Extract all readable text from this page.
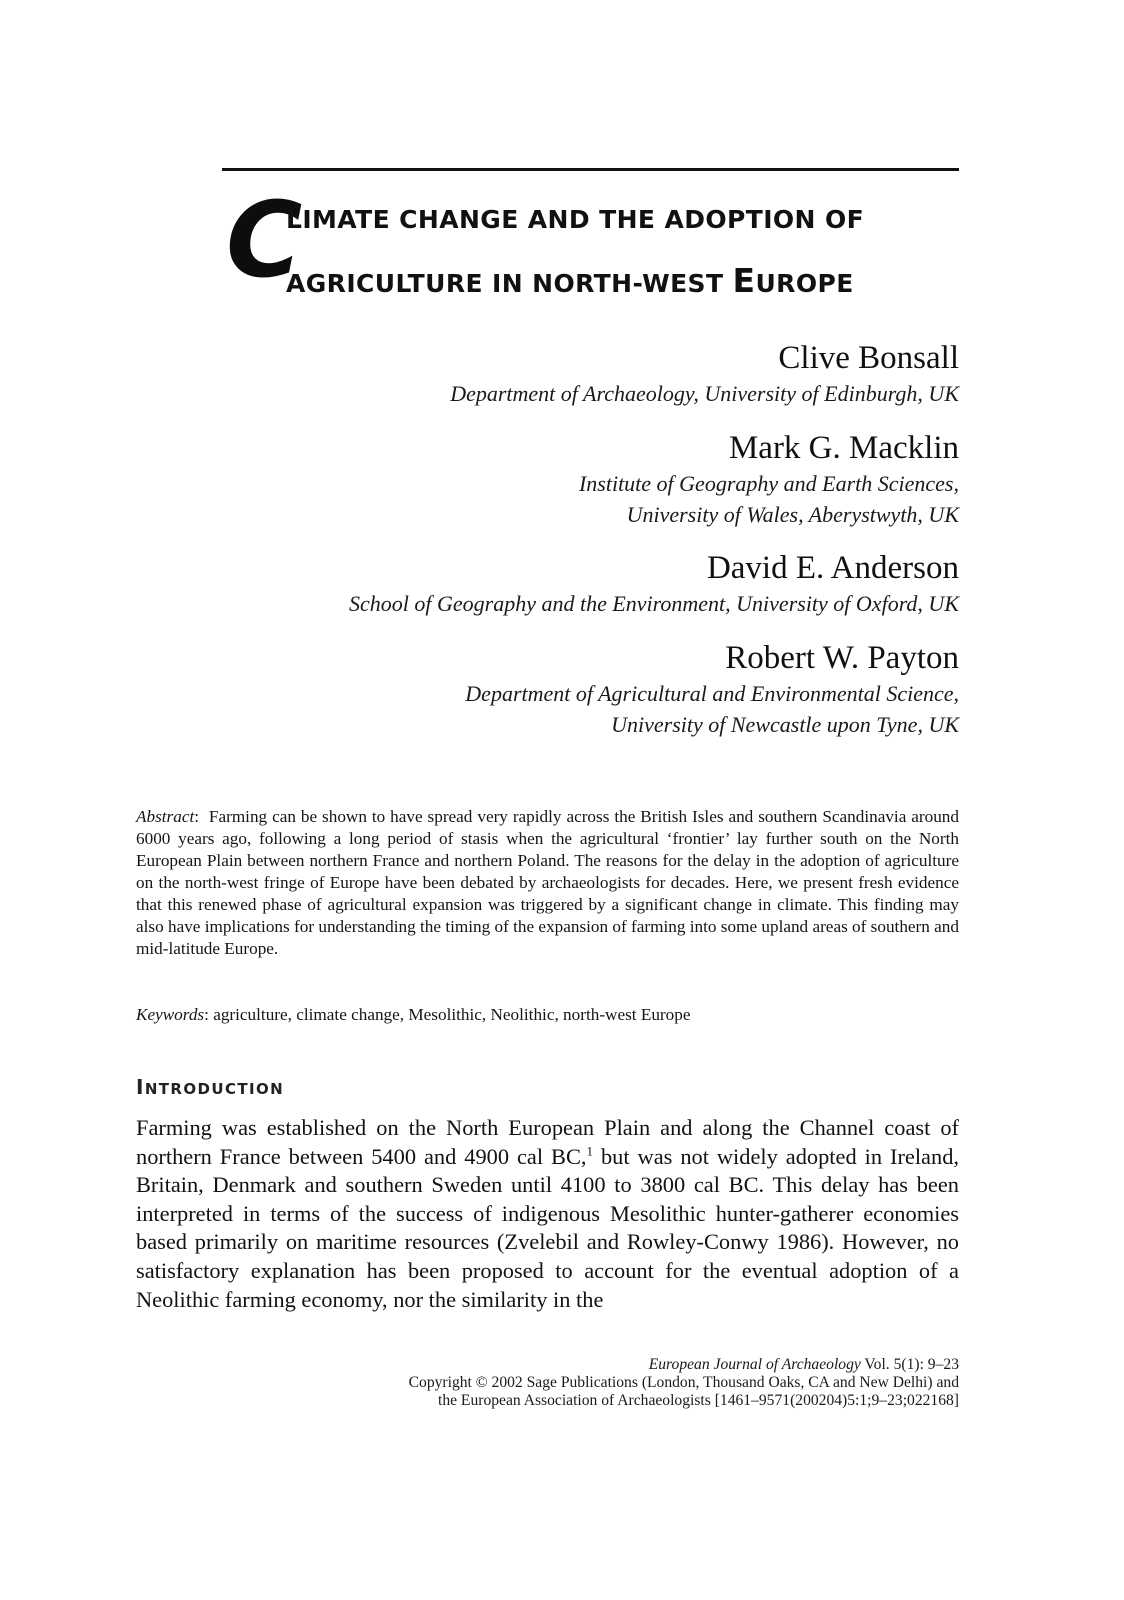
C
LIMATE CHANGE AND THE ADOPTION OF
AGRICULTURE IN NORTH-WEST EUROPE
Clive Bonsall
Department of Archaeology, University of Edinburgh, UK
Mark G. Macklin
Institute of Geography and Earth Sciences,
University of Wales, Aberystwyth, UK
David E. Anderson
School of Geography and the Environment, University of Oxford, UK
Robert W. Payton
Department of Agricultural and Environmental Science,
University of Newcastle upon Tyne, UK

Abstract:  Farming can be shown to have spread very rapidly across the British Isles and southern Scandinavia around 6000 years ago, following a long period of stasis when the agricultural ‘frontier’ lay further south on the North European Plain between northern France and northern Poland. The reasons for the delay in the adoption of agriculture on the north-west fringe of Europe have been debated by archaeologists for decades. Here, we present fresh evidence that this renewed phase of agricultural expansion was triggered by a significant change in climate. This finding may also have implications for understanding the timing of the expansion of farming into some upland areas of southern and mid-latitude Europe.

Keywords: agriculture, climate change, Mesolithic, Neolithic, north-west Europe

INTRODUCTION

Farming was established on the North European Plain and along the Channel coast of northern France between 5400 and 4900 cal BC,$^1$ but was not widely adopted in Ireland, Britain, Denmark and southern Sweden until 4100 to 3800 cal BC. This delay has been interpreted in terms of the success of indigenous Mesolithic hunter-gatherer economies based primarily on maritime resources (Zvelebil and Rowley-Conwy 1986). However, no satisfactory explanation has been proposed to account for the eventual adoption of a Neolithic farming economy, nor the similarity in the

European Journal of Archaeology Vol. 5(1): 9–23
Copyright © 2002 Sage Publications (London, Thousand Oaks, CA and New Delhi) and
the European Association of Archaeologists [1461–9571(200204)5:1;9–23;022168]
